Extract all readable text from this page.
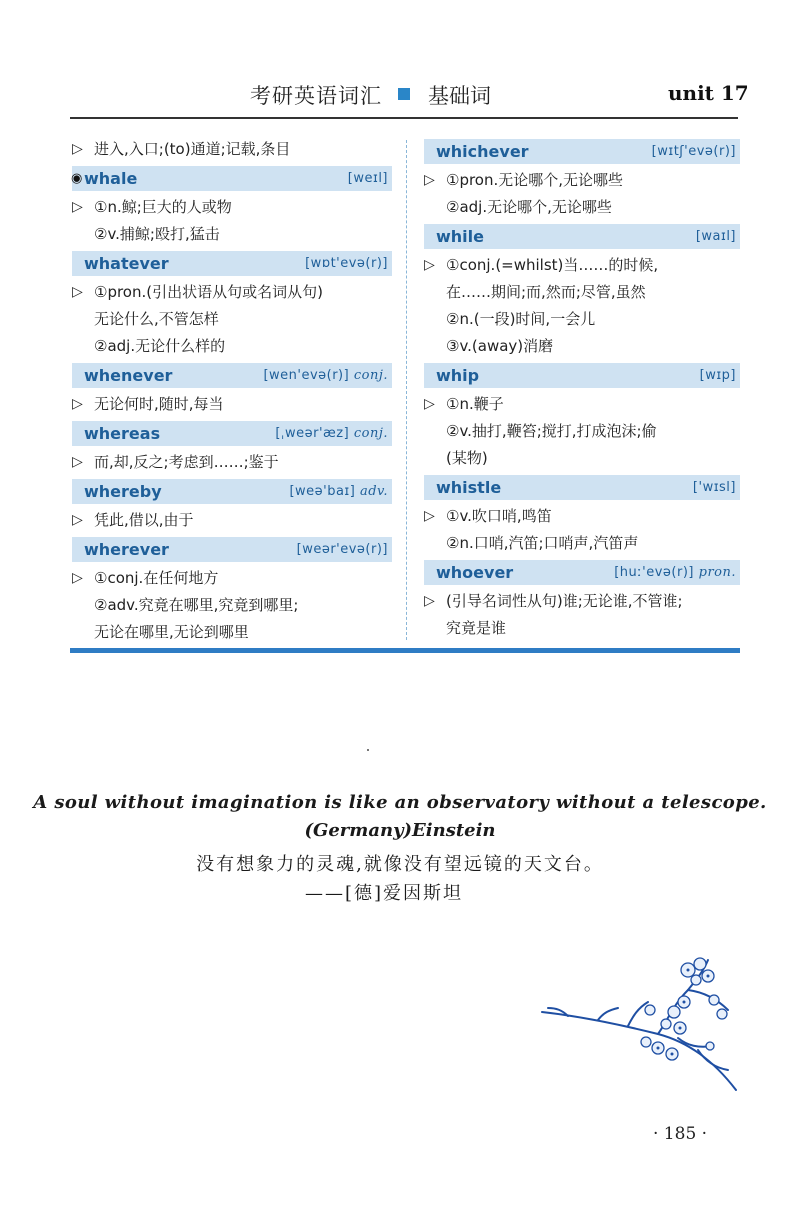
考研英语词汇 基础词	unit 17
▷ 进入,入口;(to)通道;记载,条目
◉ whale	[weɪl]
▷ ①n.鲸;巨大的人或物
②v.捕鲸;殴打,猛击
whatever	[wɒt'evə(r)]
▷ ①pron.(引出状语从句或名词从句)
无论什么,不管怎样
②adj.无论什么样的
whenever	[wen'evə(r)] conj.
▷ 无论何时,随时,每当
whereas	[ˌweər'æz] conj.
▷ 而,却,反之;考虑到……;鉴于
whereby	[weə'baɪ] adv.
▷ 凭此,借以,由于
wherever	[weər'evə(r)]
▷ ①conj.在任何地方
②adv.究竟在哪里,究竟到哪里;
无论在哪里,无论到哪里
whichever	[wɪtʃ'evə(r)]
▷ ①pron.无论哪个,无论哪些
②adj.无论哪个,无论哪些
while	[waɪl]
▷ ①conj.(=whilst)当……的时候,
在……期间;而,然而;尽管,虽然
②n.(一段)时间,一会儿
③v.(away)消磨
whip	[wɪp]
▷ ①n.鞭子
②v.抽打,鞭笞;搅打,打成泡沫;偷
(某物)
whistle	['wɪsl]
▷ ①v.吹口哨,鸣笛
②n.口哨,汽笛;口哨声,汽笛声
whoever	[huː'evə(r)] pron.
▷ (引导名词性从句)谁;无论谁,不管谁;
究竟是谁
A soul without imagination is like an observatory without a telescope.
(Germany)Einstein
没有想象力的灵魂,就像没有望远镜的天文台。
——[德]爱因斯坦
· 185 ·
